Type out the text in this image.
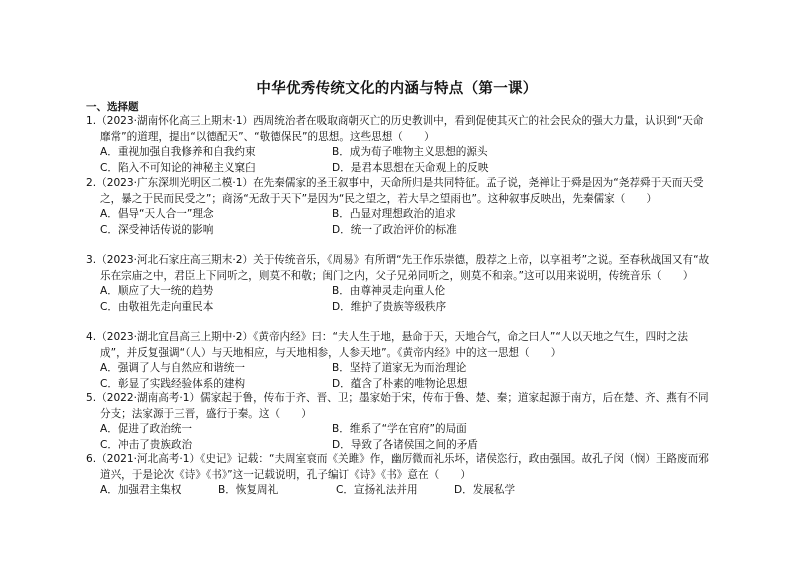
中华优秀传统文化的内涵与特点（第一课）
一、选择题
1.（2023·湖南怀化高三上期末·1）西周统治者在吸取商朝灭亡的历史教训中，看到促使其灭亡的社会民众的强大力量，认识到“天命靡常”的道理，提出“以德配天”、“敬德保民”的思想。这些思想（　　）
A．重视加强自我修养和自我约束	B．成为荀子唯物主义思想的源头
C．陷入不可知论的神秘主义窠臼	D．是君本思想在天命观上的反映
2.（2023·广东深圳光明区二模·1）在先秦儒家的圣王叙事中，天命所归是共同特征。孟子说，尧禅让于舜是因为“尧荐舜于天而天受之，暴之于民而民受之”；商汤“无敌于天下”是因为“民之望之，若大旱之望雨也”。这种叙事反映出，先秦儒家（　　）
A．倡导“天人合一”理念	B．凸显对理想政治的追求
C．深受神话传说的影响	D．统一了政治评价的标准
3.（2023·河北石家庄高三期末·2）关于传统音乐，《周易》有所谓“先王作乐崇德，殷荐之上帝，以享祖考”之说。至春秋战国又有“故乐在宗庙之中，君臣上下同听之，则莫不和敬；闺门之内，父子兄弟同听之，则莫不和亲。”这可以用来说明，传统音乐（　　）
A．顺应了大一统的趋势	B．由尊神灵走向重人伦
C．由敬祖先走向重民本	D．维护了贵族等级秩序
4.（2023·湖北宜昌高三上期中·2）《黄帝内经》曰：“夫人生于地，悬命于天，天地合气，命之曰人”“人以天地之气生，四时之法成”，并反复强调“（人）与天地相应，与天地相参，人参天地”。《黄帝内经》中的这一思想（　　）
A．强调了人与自然应和谐统一	B．坚持了道家无为而治理论
C．彰显了实践经验体系的建构	D．蕴含了朴素的唯物论思想
5.（2022·湖南高考·1）儒家起于鲁，传布于齐、晋、卫；墨家始于宋，传布于鲁、楚、秦；道家起源于南方，后在楚、齐、燕有不同分支；法家源于三晋，盛行于秦。这（　　）
A．促进了政治统一	B．维系了“学在官府”的局面
C．冲击了贵族政治	D．导致了各诸侯国之间的矛盾
6.（2021·河北高考·1）《史记》记载：“夫周室衰而《关雎》作，幽厉微而礼乐坏，诸侯恣行，政由强国。故孔子闵（悯）王路废而邪道兴，于是论次《诗》《书》”这一记载说明，孔子编订《诗》《书》意在（　　）
A．加强君主集权	B．恢复周礼	C．宣扬礼法并用	D．发展私学
